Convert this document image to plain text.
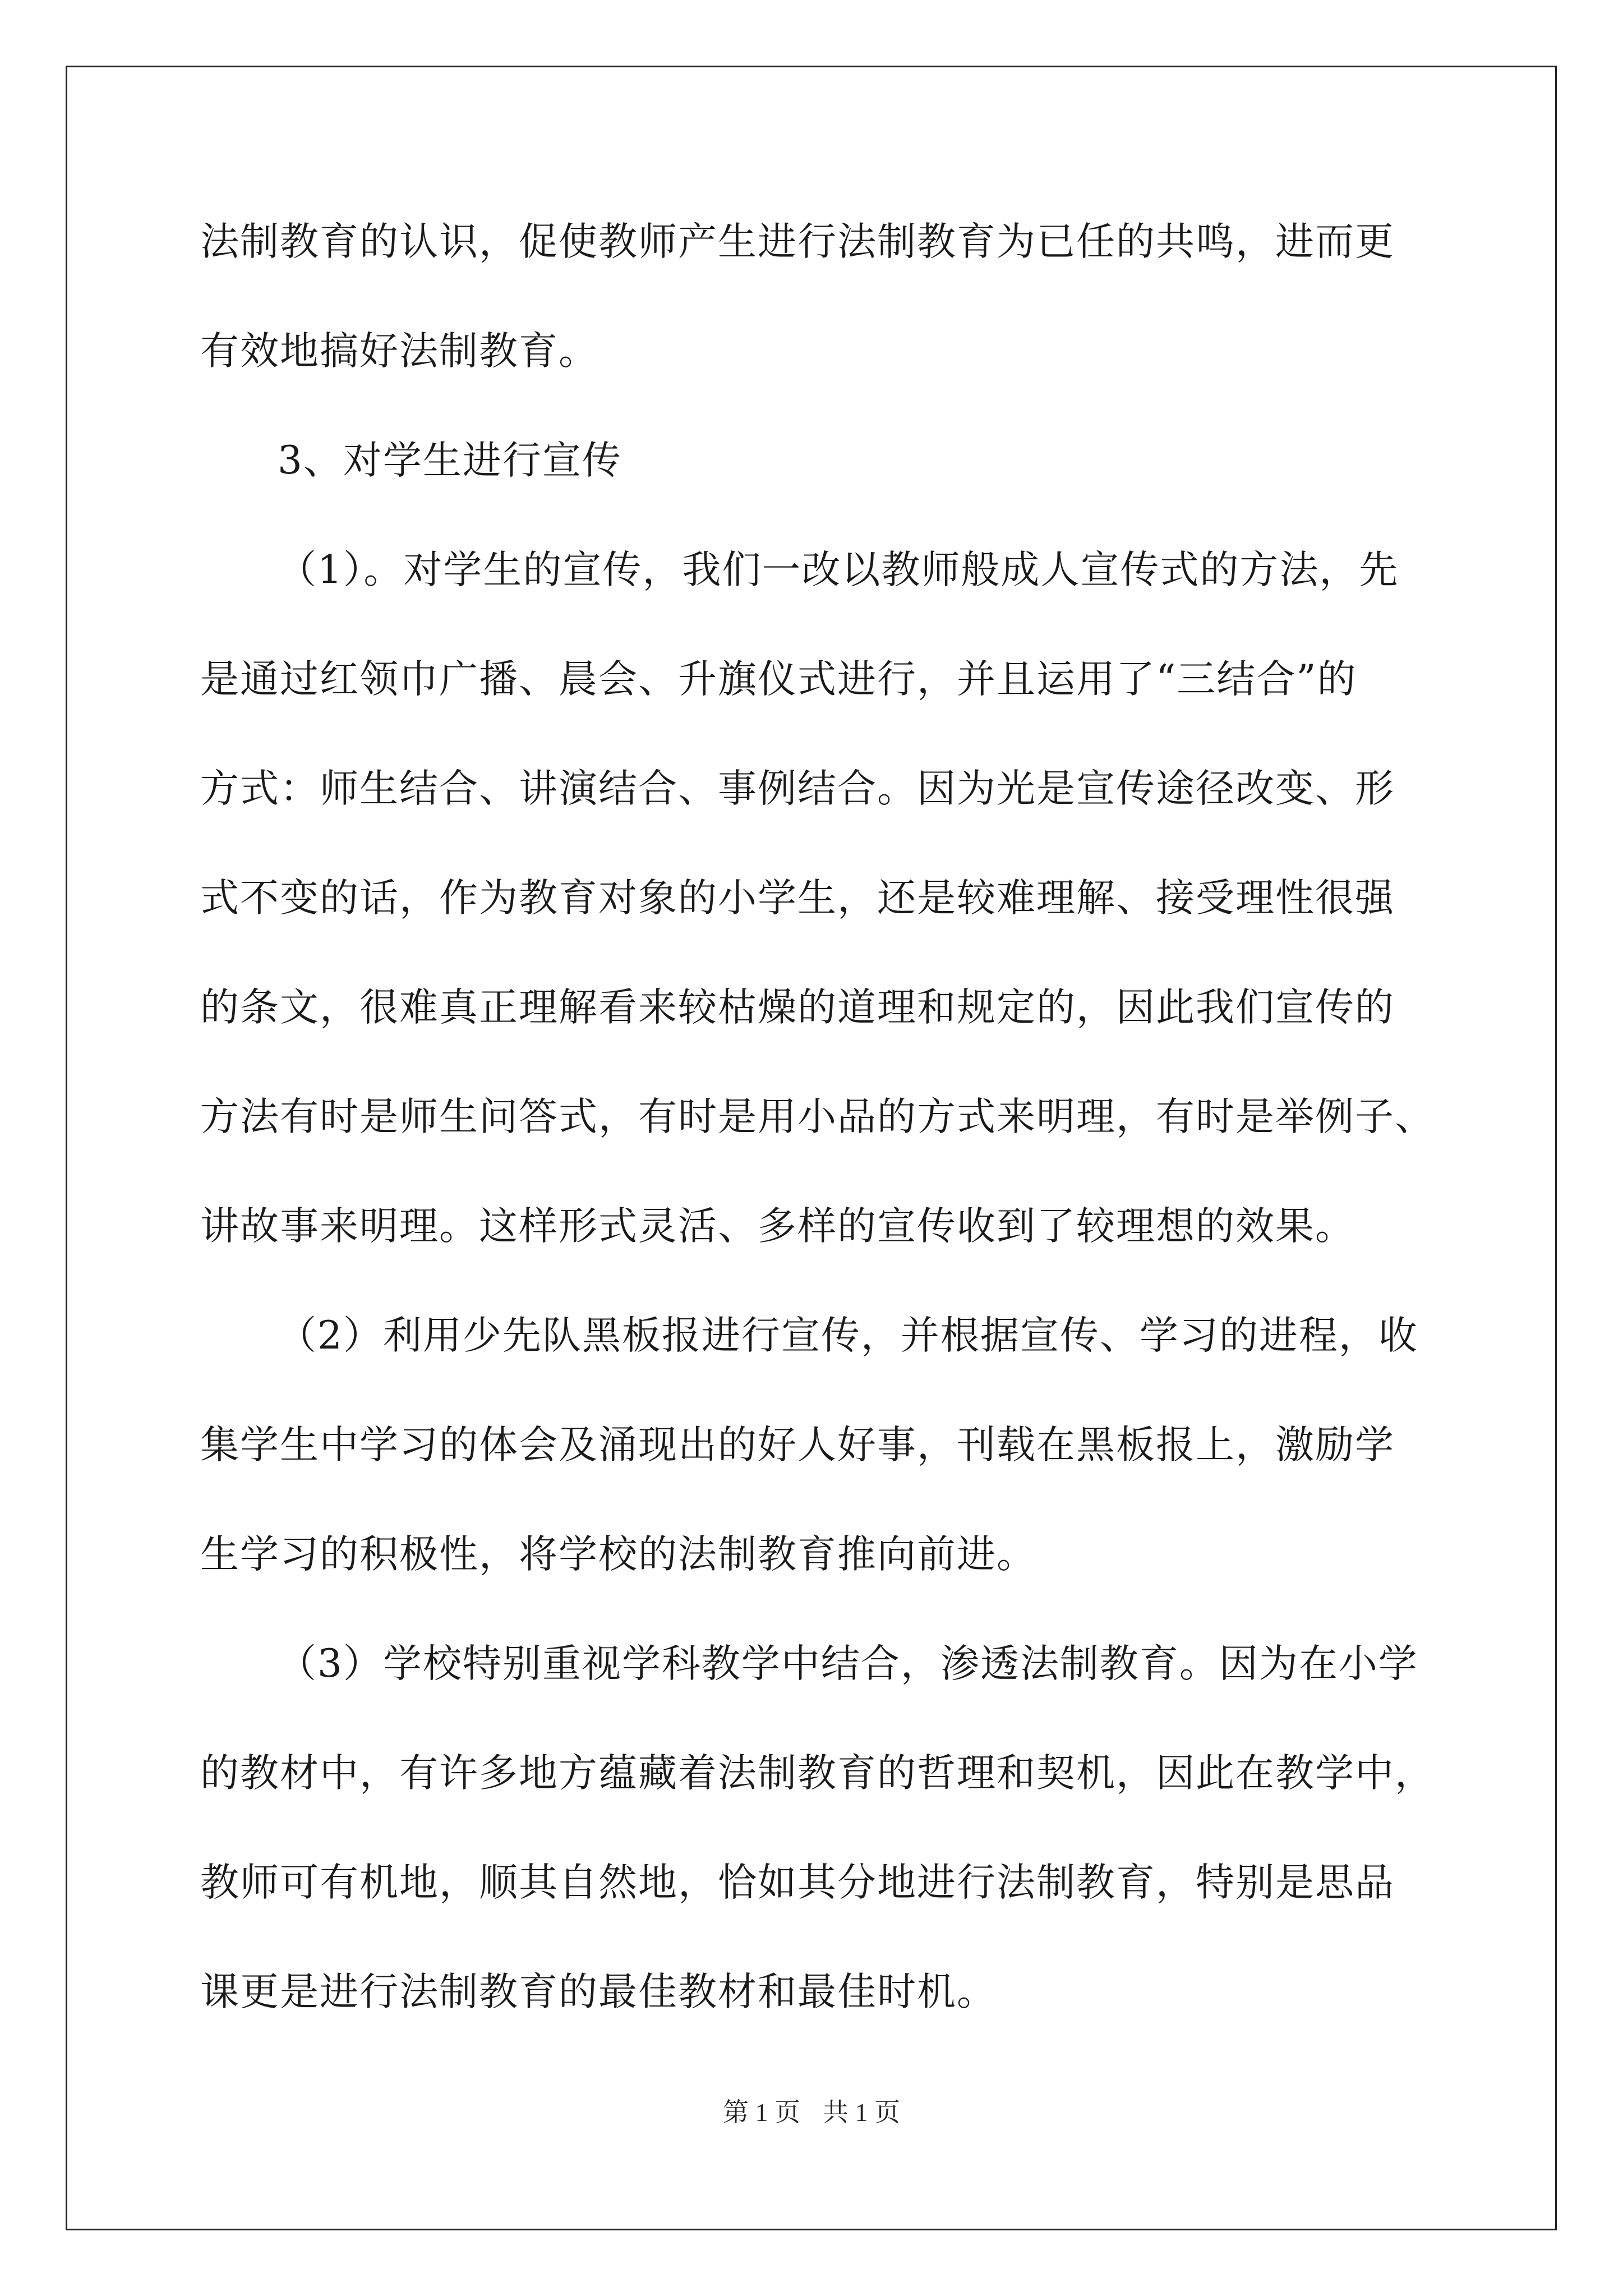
法制教育的认识，促使教师产生进行法制教育为已任的共鸣，进而更
有效地搞好法制教育。
3、对学生进行宣传
（1）。对学生的宣传，我们一改以教师般成人宣传式的方法，先
是通过红领巾广播、晨会、升旗仪式进行，并且运用了“三结合”的
方式：师生结合、讲演结合、事例结合。因为光是宣传途径改变、形
式不变的话，作为教育对象的小学生，还是较难理解、接受理性很强
的条文，很难真正理解看来较枯燥的道理和规定的，因此我们宣传的
方法有时是师生问答式，有时是用小品的方式来明理，有时是举例子、
讲故事来明理。这样形式灵活、多样的宣传收到了较理想的效果。
（2）利用少先队黑板报进行宣传，并根据宣传、学习的进程，收
集学生中学习的体会及涌现出的好人好事，刊载在黑板报上，激励学
生学习的积极性，将学校的法制教育推向前进。
（3）学校特别重视学科教学中结合，渗透法制教育。因为在小学
的教材中，有许多地方蕴藏着法制教育的哲理和契机，因此在教学中，
教师可有机地，顺其自然地，恰如其分地进行法制教育，特别是思品
课更是进行法制教育的最佳教材和最佳时机。
第 1 页 共 1 页
